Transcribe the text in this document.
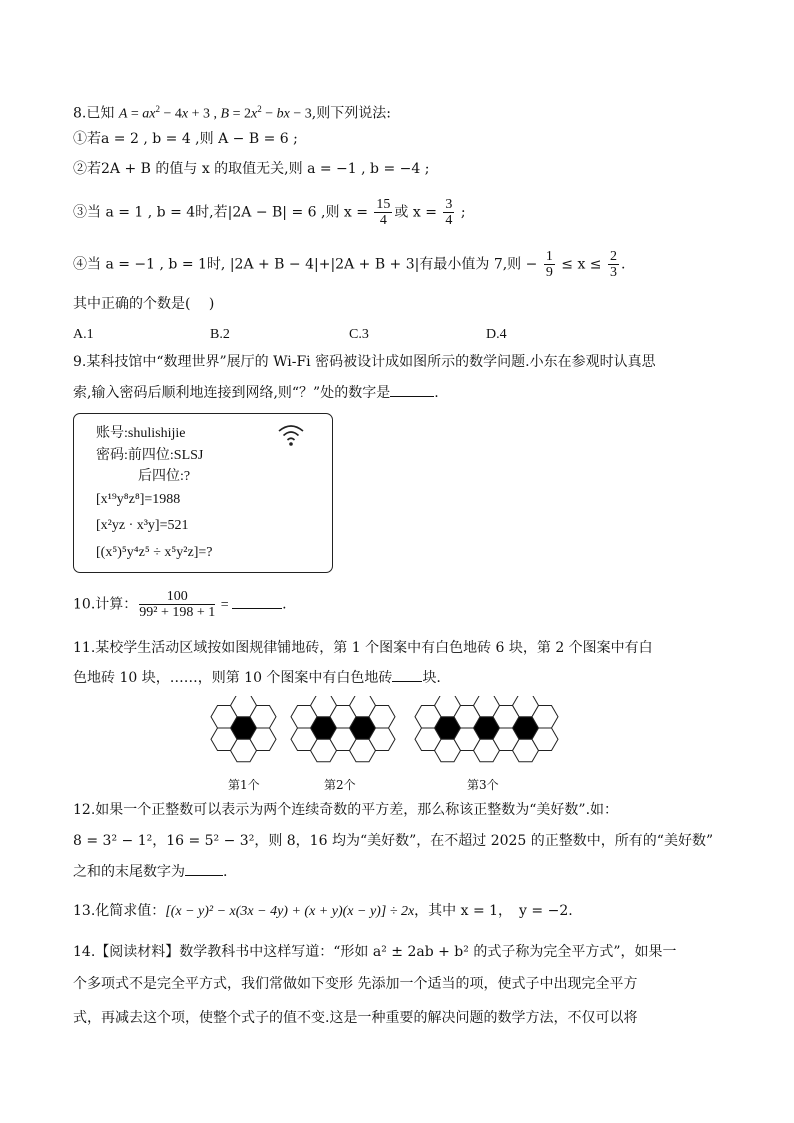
8.已知 $A = ax^2 - 4x + 3$ , $B = 2x^2$ − bx − 3,则下列说法:
①若a = 2 , b = 4 ,则 A − B = 6 ;
②若2A + B 的值与 x 的取值无关,则 a = −1 , b = −4 ;
③当 a = 1 , b = 4时,若|2A − B| = 6 ,则 $x = \frac{15}{4}$ 或 $x = \frac{3}{4}$ ;
④当 a = −1 , b = 1时, |2A + B − 4|+|2A + B + 3|有最小值为 7,则 − $\frac{1}{9} \le x \le \frac{2}{3}$ .
其中正确的个数是(　 )
A.1	B.2	C.3	D.4
9.某科技馆中“数理世界”展厅的 Wi-Fi 密码被设计成如图所示的数学问题.小东在参观时认真思
索,输入密码后顺利地连接到网络,则“？”处的数字是	.
账号:shulishijie
密码:前四位:SLSJ
后四位:?
[x¹⁹y⁸z⁸]=1988
[x²yz · x³y]=521
[(x⁵)⁵y⁴z⁵ ÷ x⁵y²z]=?
10.计算： $\frac{100}{\text{99² + 198 + 1}}$ =	.
11.某校学生活动区域按如图规律铺地砖，第 1 个图案中有白色地砖 6 块，第 2 个图案中有白
色地砖 10 块，……，则第 10 个图案中有白色地砖 块.
第1个	第2个	第3个
12.如果一个正整数可以表示为两个连续奇数的平方差，那么称该正整数为“美好数”.如：
8 = 3² − 1²，16 = 5² − 3²，则 8，16 均为“美好数”，在不超过 2025 的正整数中，所有的“美好数”
之和的末尾数字为	.
13.化简求值：[(x − y)² − x(3x − 4y) + (x + y)(x − y)] ÷ 2x，其中 x = 1，　y = −2.
14.【阅读材料】数学教科书中这样写道：“形如 a² ± 2ab + b² 的式子称为完全平方式”，如果一
个多项式不是完全平方式，我们常做如下变形 先添加一个适当的项，使式子中出现完全平方
式，再减去这个项，使整个式子的值不变.这是一种重要的解决问题的数学方法，不仅可以将
